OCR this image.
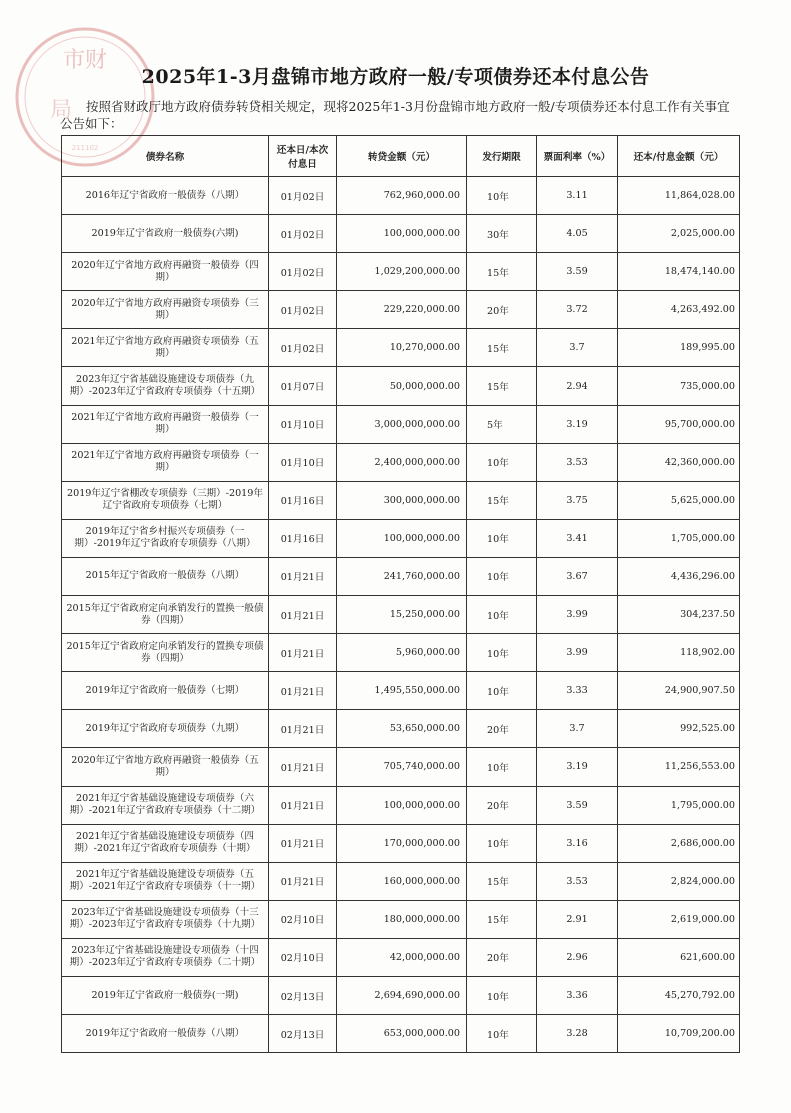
市财
局
211102
2025年1-3月盘锦市地方政府一般/专项债券还本付息公告
按照省财政厅地方政府债券转贷相关规定，现将2025年1-3月份盘锦市地方政府一般/专项债券还本付息工作有关事宜公告如下：
债券名称	还本日/本次付息日	转贷金额（元）	发行期限	票面利率（%）	还本/付息金额（元）
2016年辽宁省政府一般债券（八期）	01月02日	762,960,000.00	10年	3.11	11,864,028.00
2019年辽宁省政府一般债券(六期)	01月02日	100,000,000.00	30年	4.05	2,025,000.00
2020年辽宁省地方政府再融资一般债券（四期）	01月02日	1,029,200,000.00	15年	3.59	18,474,140.00
2020年辽宁省地方政府再融资专项债券（三期）	01月02日	229,220,000.00	20年	3.72	4,263,492.00
2021年辽宁省地方政府再融资专项债券（五期）	01月02日	10,270,000.00	15年	3.7	189,995.00
2023年辽宁省基础设施建设专项债券（九期）-2023年辽宁省政府专项债券（十五期）	01月07日	50,000,000.00	15年	2.94	735,000.00
2021年辽宁省地方政府再融资一般债券（一期）	01月10日	3,000,000,000.00	5年	3.19	95,700,000.00
2021年辽宁省地方政府再融资专项债券（一期）	01月10日	2,400,000,000.00	10年	3.53	42,360,000.00
2019年辽宁省棚改专项债券（三期）-2019年辽宁省政府专项债券（七期）	01月16日	300,000,000.00	15年	3.75	5,625,000.00
2019年辽宁省乡村振兴专项债券（一期）-2019年辽宁省政府专项债券（八期）	01月16日	100,000,000.00	10年	3.41	1,705,000.00
2015年辽宁省政府一般债券（八期）	01月21日	241,760,000.00	10年	3.67	4,436,296.00
2015年辽宁省政府定向承销发行的置换一般债券（四期）	01月21日	15,250,000.00	10年	3.99	304,237.50
2015年辽宁省政府定向承销发行的置换专项债券（四期）	01月21日	5,960,000.00	10年	3.99	118,902.00
2019年辽宁省政府一般债券（七期）	01月21日	1,495,550,000.00	10年	3.33	24,900,907.50
2019年辽宁省政府专项债券（九期）	01月21日	53,650,000.00	20年	3.7	992,525.00
2020年辽宁省地方政府再融资一般债券（五期）	01月21日	705,740,000.00	10年	3.19	11,256,553.00
2021年辽宁省基础设施建设专项债券（六期）-2021年辽宁省政府专项债券（十二期）	01月21日	100,000,000.00	20年	3.59	1,795,000.00
2021年辽宁省基础设施建设专项债券（四期）-2021年辽宁省政府专项债券（十期）	01月21日	170,000,000.00	10年	3.16	2,686,000.00
2021年辽宁省基础设施建设专项债券（五期）-2021年辽宁省政府专项债券（十一期）	01月21日	160,000,000.00	15年	3.53	2,824,000.00
2023年辽宁省基础设施建设专项债券（十三期）-2023年辽宁省政府专项债券（十九期）	02月10日	180,000,000.00	15年	2.91	2,619,000.00
2023年辽宁省基础设施建设专项债券（十四期）-2023年辽宁省政府专项债券（二十期）	02月10日	42,000,000.00	20年	2.96	621,600.00
2019年辽宁省政府一般债券(一期)	02月13日	2,694,690,000.00	10年	3.36	45,270,792.00
2019年辽宁省政府一般债券（八期）	02月13日	653,000,000.00	10年	3.28	10,709,200.00
